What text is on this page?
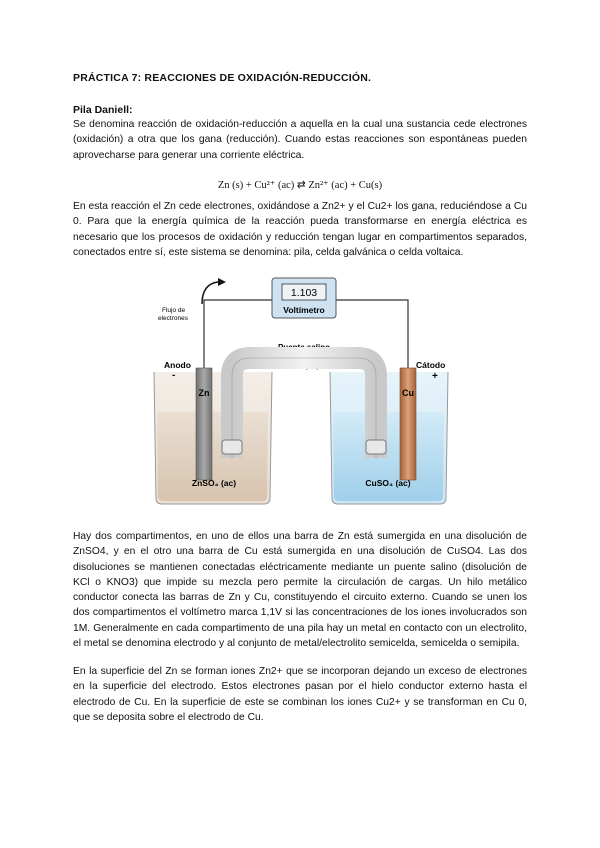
PRÁCTICA 7: REACCIONES DE OXIDACIÓN-REDUCCIÓN.
Pila Daniell:
Se denomina reacción de oxidación-reducción a aquella en la cual una sustancia cede electrones (oxidación) a otra que los gana (reducción). Cuando estas reacciones son espontáneas pueden aprovecharse para generar una corriente eléctrica.
Zn (s) + Cu²⁺ (ac) ⇄ Zn²⁺ (ac) + Cu(s)
En esta reacción el Zn cede electrones, oxidándose a Zn2+ y el Cu2+ los gana, reduciéndose a Cu 0. Para que la energía química de la reacción pueda transformarse en energía eléctrica es necesario que los procesos de oxidación y reducción tengan lugar en compartimentos separados, conectados entre sí, este sistema se denomina: pila, celda galvánica o celda voltaica.
1.103
Voltímetro
Flujo de
electrones
Puente salino
KCl (ac)
Zn	Cu
Anodo
-
Cátodo
+
ZnSO₄ (ac)	CuSO₄ (ac)
Hay dos compartimentos, en uno de ellos una barra de Zn está sumergida en una disolución de ZnSO4, y en el otro una barra de Cu está sumergida en una disolución de CuSO4. Las dos disoluciones se mantienen conectadas eléctricamente mediante un puente salino (disolución de KCl o KNO3) que impide su mezcla pero permite la circulación de cargas. Un hilo metálico conductor conecta las barras de Zn y Cu, constituyendo el circuito externo. Cuando se unen los dos compartimentos el voltímetro marca 1,1V si las concentraciones de los iones involucrados son 1M. Generalmente en cada compartimento de una pila hay un metal en contacto con un electrolito, el metal se denomina electrodo y al conjunto de metal/electrolito semicelda, semicelda o semipila.
En la superficie del Zn se forman iones Zn2+ que se incorporan dejando un exceso de electrones en la superficie del electrodo. Estos electrones pasan por el hielo conductor externo hasta el electrodo de Cu. En la superficie de este se combinan los iones Cu2+ y se transforman en Cu 0, que se deposita sobre el electrodo de Cu.
